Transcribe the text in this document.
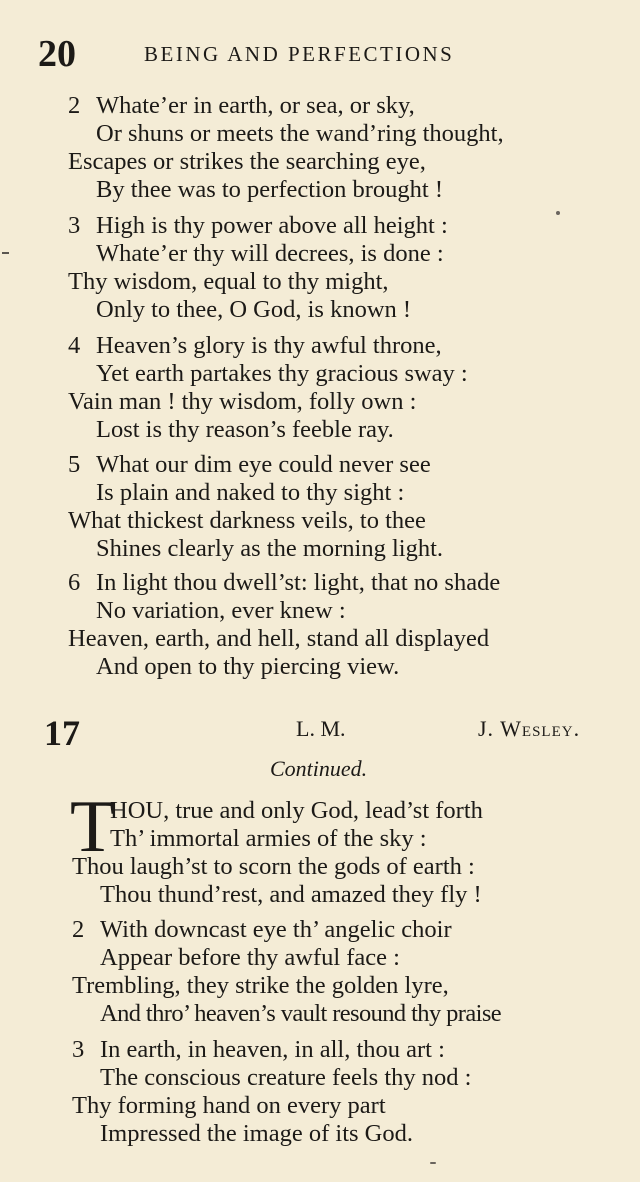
20	BEING AND PERFECTIONS
2 Whate’er in earth, or sea, or sky,
Or shuns or meets the wand’ring thought,
Escapes or strikes the searching eye,
By thee was to perfection brought !
3 High is thy power above all height :
Whate’er thy will decrees, is done :
Thy wisdom, equal to thy might,
Only to thee, O God, is known !
4 Heaven’s glory is thy awful throne,
Yet earth partakes thy gracious sway :
Vain man ! thy wisdom, folly own :
Lost is thy reason’s feeble ray.
5 What our dim eye could never see
Is plain and naked to thy sight :
What thickest darkness veils, to thee
Shines clearly as the morning light.
6 In light thou dwell’st: light, that no shade
No variation, ever knew :
Heaven, earth, and hell, stand all displayed
And open to thy piercing view.
17	L. M.	J. Wesley.
Continued.
T
HOU, true and only God, lead’st forth
Th’ immortal armies of the sky :
Thou laugh’st to scorn the gods of earth :
Thou thund’rest, and amazed they fly !
2 With downcast eye th’ angelic choir
Appear before thy awful face :
Trembling, they strike the golden lyre,
And thro’ heaven’s vault resound thy praise
3 In earth, in heaven, in all, thou art :
The conscious creature feels thy nod :
Thy forming hand on every part
Impressed the image of its God.
